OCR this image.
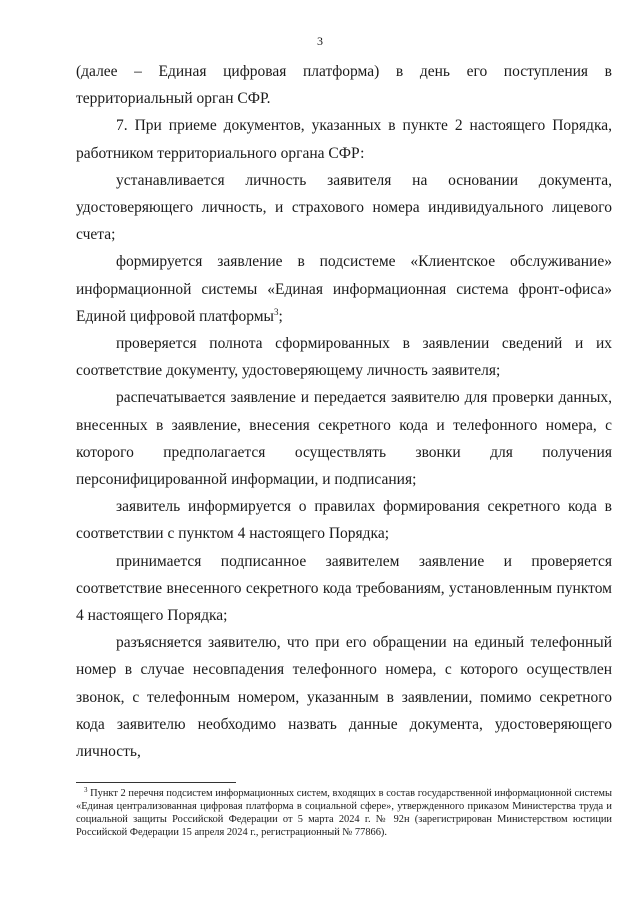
3

(далее – Единая цифровая платформа) в день его поступления в территориальный орган СФР.

7. При приеме документов, указанных в пункте 2 настоящего Порядка, работником территориального органа СФР:

устанавливается личность заявителя на основании документа, удостоверяющего личность, и страхового номера индивидуального лицевого счета;

формируется заявление в подсистеме «Клиентское обслуживание» информационной системы «Единая информационная система фронт-офиса» Единой цифровой платформы$^3$;

проверяется полнота сформированных в заявлении сведений и их соответствие документу, удостоверяющему личность заявителя;

распечатывается заявление и передается заявителю для проверки данных, внесенных в заявление, внесения секретного кода и телефонного номера, с которого предполагается осуществлять звонки для получения персонифицированной информации, и подписания;

заявитель информируется о правилах формирования секретного кода в соответствии с пунктом 4 настоящего Порядка;

принимается подписанное заявителем заявление и проверяется соответствие внесенного секретного кода требованиям, установленным пунктом 4 настоящего Порядка;

разъясняется заявителю, что при его обращении на единый телефонный номер в случае несовпадения телефонного номера, с которого осуществлен звонок, с телефонным номером, указанным в заявлении, помимо секретного кода заявителю необходимо назвать данные документа, удостоверяющего личность,

$^3$ Пункт 2 перечня подсистем информационных систем, входящих в состав государственной информационной системы «Единая централизованная цифровая платформа в социальной сфере», утвержденного приказом Министерства труда и социальной защиты Российской Федерации от 5 марта 2024 г. № 92н (зарегистрирован Министерством юстиции Российской Федерации 15 апреля 2024 г., регистрационный № 77866).
